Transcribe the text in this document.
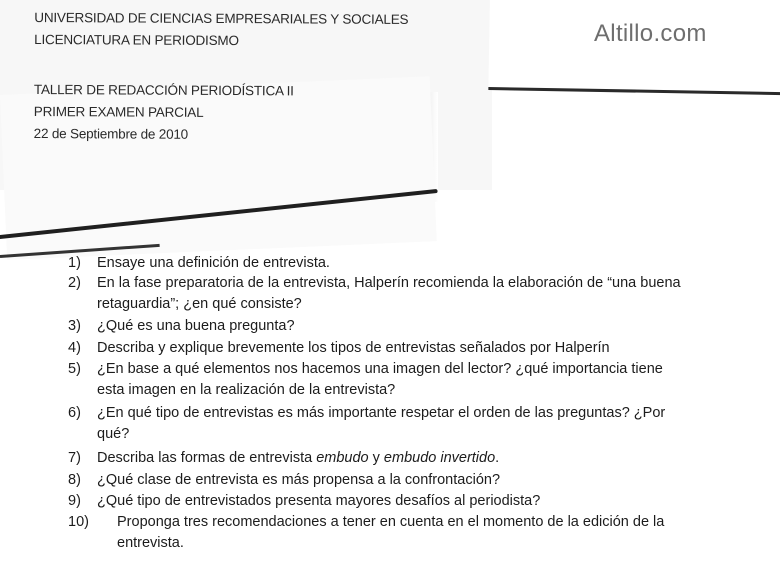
UNIVERSIDAD DE CIENCIAS EMPRESARIALES Y SOCIALES
LICENCIATURA EN PERIODISMO
TALLER DE REDACCIÓN PERIODÍSTICA II
PRIMER EXAMEN PARCIAL
22 de Septiembre de 2010
Altillo.com
1)	Ensaye una definición de entrevista.
2)	En la fase preparatoria de la entrevista, Halperín recomienda la elaboración de “una buena
retaguardia”; ¿en qué consiste?
3)	¿Qué es una buena pregunta?
4)	Describa y explique brevemente los tipos de entrevistas señalados por Halperín
5)	¿En base a qué elementos nos hacemos una imagen del lector? ¿qué importancia tiene
esta imagen en la realización de la entrevista?
6)	¿En qué tipo de entrevistas es más importante respetar el orden de las preguntas? ¿Por
qué?
7)	Describa las formas de entrevista embudo y embudo invertido.
8)	¿Qué clase de entrevista es más propensa a la confrontación?
9)	¿Qué tipo de entrevistados presenta mayores desafíos al periodista?
10)	Proponga tres recomendaciones a tener en cuenta en el momento de la edición de la
entrevista.
